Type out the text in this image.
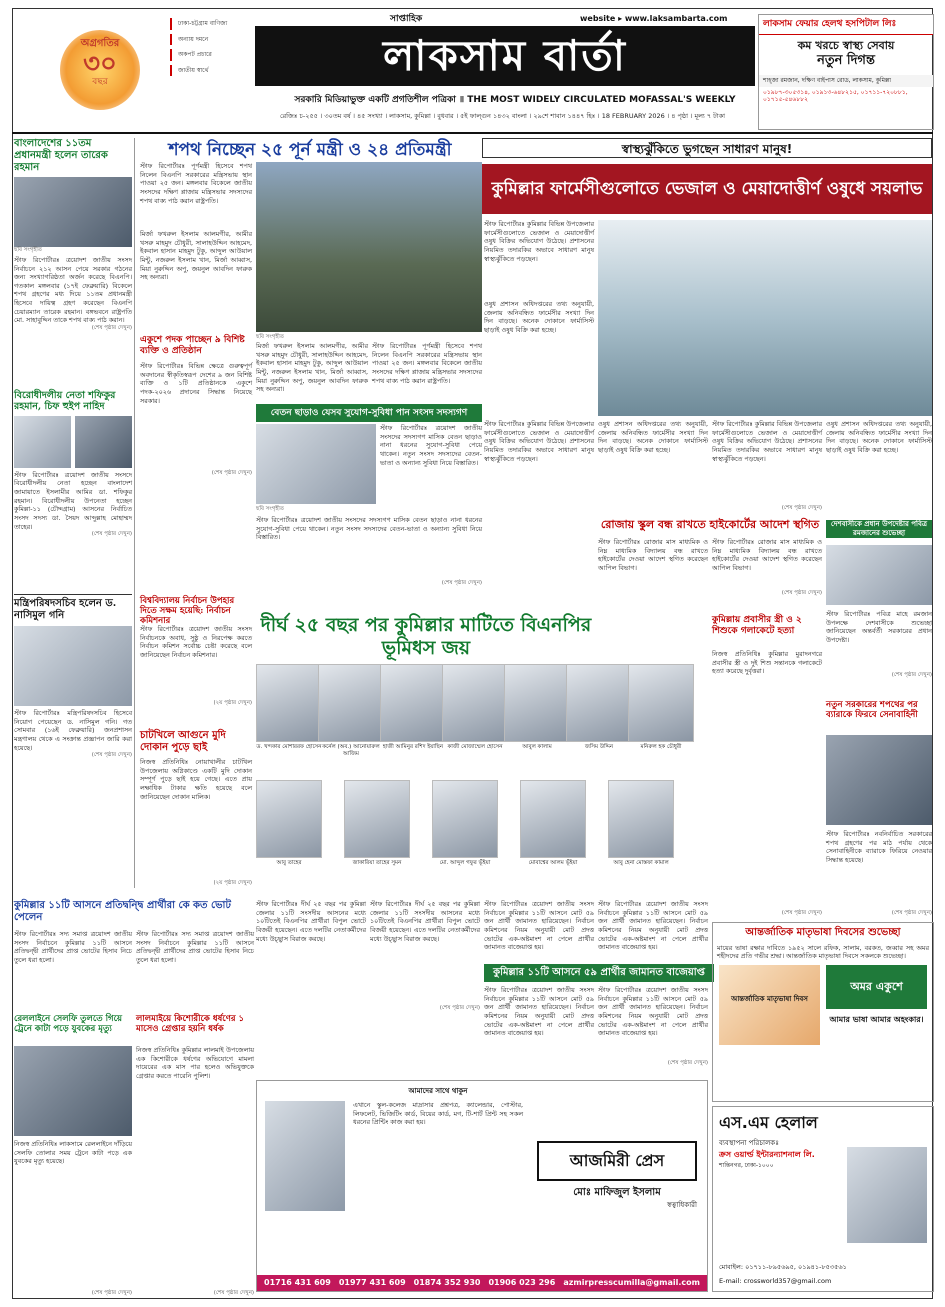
অগ্রগতির
৩০
বছর
ঢাকা-চট্টগ্রাম বাণিজ্য
অন্যায় দমনে
অকপট প্রচারে
জাতীয় স্বার্থে
সাপ্তাহিক	website ▸ www.laksambarta.com
লাকসাম বার্তা
সরকারি মিডিয়াভুক্ত একটি প্রগতিশীল পত্রিকা ॥ THE MOST WIDELY CIRCULATED MOFASSAL'S WEEKLY
রেজিঃ চ-২৫৫ । ৩০তম বর্ষ । ৪৫ সংখ্যা । লাকসাম, কুমিল্লা । বুধবার । ৫ই ফাল্গুন ১৪৩২ বাংলা । ২৯শে শাবান ১৪৪৭ হিঃ । 18 FEBRUARY 2026 । ৪ পৃষ্ঠা । মূল্য ৭ টাকা
লাকসাম ফেয়ার হেলথ হসপিটাল লিঃ
কম খরচে স্বাস্থ্য সেবায়
নতুন দিগন্ত
শাহ্জা রমজান, দক্ষিণ বাইপাস রোড, লাকসাম, কুমিল্লা
০১৯৮৭-৩০৫৩১৪, ০১৯১৩-৬৪৮২১৫, ০১৭১১-৭২০৮৮১, ০১৭১৫-৫৪৬৮৮২
বাংলাদেশের ১১তম প্রধানমন্ত্রী হলেন তারেক রহমান
ছবি সংগৃহীত
স্টাফ রিপোর্টারঃ ত্রয়োদশ জাতীয় সংসদ নির্বাচনে ২১২ আসন পেয়ে সরকার গঠনের জন্য সংখ্যাগরিষ্ঠতা অর্জন করেছে বিএনপি। গতকাল মঙ্গলবার (১৭ই ফেব্রুয়ারি) বিকেলে শপথ গ্রহণের মধ্য দিয়ে ১১তম প্রধানমন্ত্রী হিসেবে দায়িত্ব গ্রহণ করেছেন বিএনপি চেয়ারম্যান তারেক রহমান। বঙ্গভবনে রাষ্ট্রপতি মো. সাহাবুদ্দিন তাকে শপথ বাক্য পাঠ করান।
(শেষ পৃষ্ঠার দেখুন)
বিরোধীদলীয় নেতা শফিকুর রহমান, চিফ হুইপ নাহিদ
স্টাফ রিপোর্টারঃ ত্রয়োদশ জাতীয় সংসদে বিরোধীদলীয় নেতা হচ্ছেন বাংলাদেশ জামায়াতে ইসলামীর আমির ডা. শফিকুর রহমান। বিরোধীদলীয় উপনেতা হচ্ছেন কুমিল্লা-১১ (চৌদ্দগ্রাম) আসনের নির্বাচিত সংসদ সদস্য ডা. সৈয়দ আব্দুল্লাহ মোহাম্মদ তাহের।
(শেষ পৃষ্ঠার দেখুন)
মন্ত্রিপরিষদসচিব হলেন ড. নাসিমুল গনি
স্টাফ রিপোর্টারঃ মন্ত্রিপরিষদসচিব হিসেবে নিয়োগ পেয়েছেন ড. নাসিমুল গনি। গত সোমবার (১৬ই ফেব্রুয়ারি) জনপ্রশাসন মন্ত্রণালয় থেকে এ সংক্রান্ত প্রজ্ঞাপন জারি করা হয়েছে।
(শেষ পৃষ্ঠার দেখুন)
কুমিল্লার ১১টি আসনে প্রতিদ্বন্দ্বি প্রার্থীরা কে কত ভোট পেলেন
স্টাফ রিপোর্টারঃ সদ্য সমাপ্ত ত্রয়োদশ জাতীয় সংসদ নির্বাচনে কুমিল্লার ১১টি আসনে প্রতিদ্বন্দ্বী প্রার্থীদের প্রাপ্ত ভোটের হিসাব নিচে তুলে ধরা হলো।
স্টাফ রিপোর্টারঃ সদ্য সমাপ্ত ত্রয়োদশ জাতীয় সংসদ নির্বাচনে কুমিল্লার ১১টি আসনে প্রতিদ্বন্দ্বী প্রার্থীদের প্রাপ্ত ভোটের হিসাব নিচে তুলে ধরা হলো।
রেললাইনে সেলফি তুলতে গিয়ে ট্রেনে কাটা পড়ে যুবকের মৃত্যু
নিজস্ব প্রতিনিধিঃ লাকসামে রেললাইনে দাঁড়িয়ে সেলফি তোলার সময় ট্রেনে কাটা পড়ে এক যুবকের মৃত্যু হয়েছে।
(শেষ পৃষ্ঠার দেখুন)
শপথ নিচ্ছেন ২৫ পূর্ন মন্ত্রী ও ২৪ প্রতিমন্ত্রী
স্টাফ রিপোর্টারঃ পূর্ণমন্ত্রী হিসেবে শপথ নিলেন বিএনপি সরকারের মন্ত্রিসভায় স্থান পাওয়া ২৫ জন। মঙ্গলবার বিকেলে জাতীয় সংসদের দক্ষিণ প্লাজায় মন্ত্রিসভার সদস্যদের শপথ বাক্য পাঠ করান রাষ্ট্রপতি।
মির্জা ফখরুল ইসলাম আলমগীর, আমীর খসরু মাহমুদ চৌধুরী, সালাহউদ্দিন আহমেদ, ইকবাল হাসান মাহমুদ টুকু, আব্দুল আউয়াল মিন্টু, নজরুল ইসলাম খান, মির্জা আব্বাস, মিয়া নুরুদ্দিন অপু, জয়নুল আবদিন ফারুক সহ অন্যরা।
ছবি সংগৃহীত
মির্জা ফখরুল ইসলাম আলমগীর, আমীর খসরু মাহমুদ চৌধুরী, সালাহউদ্দিন আহমেদ, ইকবাল হাসান মাহমুদ টুকু, আব্দুল আউয়াল মিন্টু, নজরুল ইসলাম খান, মির্জা আব্বাস, মিয়া নুরুদ্দিন অপু, জয়নুল আবদিন ফারুক সহ অন্যরা।
স্টাফ রিপোর্টারঃ পূর্ণমন্ত্রী হিসেবে শপথ নিলেন বিএনপি সরকারের মন্ত্রিসভায় স্থান পাওয়া ২৫ জন। মঙ্গলবার বিকেলে জাতীয় সংসদের দক্ষিণ প্লাজায় মন্ত্রিসভার সদস্যদের শপথ বাক্য পাঠ করান রাষ্ট্রপতি।
একুশে পদক পাচ্ছেন ৯ বিশিষ্ট ব্যক্তি ও প্রতিষ্ঠান
স্টাফ রিপোর্টারঃ বিভিন্ন ক্ষেত্রে গুরুত্বপূর্ণ অবদানের স্বীকৃতিস্বরূপ দেশের ৯ জন বিশিষ্ট ব্যক্তি ও ১টি প্রতিষ্ঠানকে একুশে পদক-২০২৬ প্রদানের সিদ্ধান্ত নিয়েছে সরকার।
(শেষ পৃষ্ঠার দেখুন)
বেতন ছাড়াও যেসব সুযোগ-সুবিধা পান সংসদ সদস্যগণ
ছবি সংগৃহীত
স্টাফ রিপোর্টারঃ ত্রয়োদশ জাতীয় সংসদের সদস্যগণ মাসিক বেতন ছাড়াও নানা ধরনের সুযোগ-সুবিধা পেয়ে থাকেন। নতুন সংসদ সদস্যদের বেতন-ভাতা ও অন্যান্য সুবিধা নিয়ে বিস্তারিত।
স্টাফ রিপোর্টারঃ ত্রয়োদশ জাতীয় সংসদের সদস্যগণ মাসিক বেতন ছাড়াও নানা ধরনের সুযোগ-সুবিধা পেয়ে থাকেন। নতুন সংসদ সদস্যদের বেতন-ভাতা ও অন্যান্য সুবিধা নিয়ে বিস্তারিত।
(শেষ পৃষ্ঠার দেখুন)
বিশ্ববিদ্যালয় নির্বাচন উপহার দিতে সক্ষম হয়েছি: নির্বাচন কমিশনার
স্টাফ রিপোর্টারঃ ত্রয়োদশ জাতীয় সংসদ নির্বাচনকে অবাধ, সুষ্ঠু ও নিরপেক্ষ করতে নির্বাচন কমিশন সর্বোচ্চ চেষ্টা করেছে বলে জানিয়েছেন নির্বাচন কমিশনার।
(২য় পৃষ্ঠার দেখুন)
চাটখিলে আগুনে মুদি দোকান পুড়ে ছাই
নিজস্ব প্রতিনিধিঃ নোয়াখালীর চাটখিল উপজেলায় অগ্নিকাণ্ডে একটি মুদি দোকান সম্পূর্ণ পুড়ে ছাই হয়ে গেছে। এতে প্রায় লক্ষাধিক টাকার ক্ষতি হয়েছে বলে জানিয়েছেন দোকান মালিক।
(২য় পৃষ্ঠার দেখুন)
স্বাস্থ্যঝুঁকিতে ভুগছেন সাধারণ মানুষ!
কুমিল্লার ফার্মেসীগুলোতে ভেজাল ও মেয়াদোত্তীর্ণ ওষুধে সয়লাভ
স্টাফ রিপোর্টারঃ কুমিল্লার বিভিন্ন উপজেলার ফার্মেসীগুলোতে ভেজাল ও মেয়াদোত্তীর্ণ ওষুধ বিক্রির অভিযোগ উঠেছে। প্রশাসনের নিয়মিত তদারকির অভাবে সাধারণ মানুষ স্বাস্থ্যঝুঁকিতে পড়ছেন।
ওষুধ প্রশাসন অধিদপ্তরের তথ্য অনুযায়ী, জেলায় অনিবন্ধিত ফার্মেসীর সংখ্যা দিন দিন বাড়ছে। অনেক দোকানে ফার্মাসিস্ট ছাড়াই ওষুধ বিক্রি করা হচ্ছে।
স্টাফ রিপোর্টারঃ কুমিল্লার বিভিন্ন উপজেলার ফার্মেসীগুলোতে ভেজাল ও মেয়াদোত্তীর্ণ ওষুধ বিক্রির অভিযোগ উঠেছে। প্রশাসনের নিয়মিত তদারকির অভাবে সাধারণ মানুষ স্বাস্থ্যঝুঁকিতে পড়ছেন।
ওষুধ প্রশাসন অধিদপ্তরের তথ্য অনুযায়ী, জেলায় অনিবন্ধিত ফার্মেসীর সংখ্যা দিন দিন বাড়ছে। অনেক দোকানে ফার্মাসিস্ট ছাড়াই ওষুধ বিক্রি করা হচ্ছে।
স্টাফ রিপোর্টারঃ কুমিল্লার বিভিন্ন উপজেলার ফার্মেসীগুলোতে ভেজাল ও মেয়াদোত্তীর্ণ ওষুধ বিক্রির অভিযোগ উঠেছে। প্রশাসনের নিয়মিত তদারকির অভাবে সাধারণ মানুষ স্বাস্থ্যঝুঁকিতে পড়ছেন।
(শেষ পৃষ্ঠার দেখুন)
রোজায় স্কুল বন্ধ রাখতে হাইকোর্টের আদেশ স্থগিত
স্টাফ রিপোর্টারঃ রোজার মাস মাধ্যমিক ও নিম্ন মাধ্যমিক বিদ্যালয় বন্ধ রাখতে হাইকোর্টের দেওয়া আদেশ স্থগিত করেছেন আপিল বিভাগ।
স্টাফ রিপোর্টারঃ রোজার মাস মাধ্যমিক ও নিম্ন মাধ্যমিক বিদ্যালয় বন্ধ রাখতে হাইকোর্টের দেওয়া আদেশ স্থগিত করেছেন আপিল বিভাগ।
(শেষ পৃষ্ঠার দেখুন)
ওষুধ প্রশাসন অধিদপ্তরের তথ্য অনুযায়ী, জেলায় অনিবন্ধিত ফার্মেসীর সংখ্যা দিন দিন বাড়ছে। অনেক দোকানে ফার্মাসিস্ট ছাড়াই ওষুধ বিক্রি করা হচ্ছে।
দেশবাসীকে প্রধান উপদেষ্টার পবিত্র রমজানের শুভেচ্ছা
স্টাফ রিপোর্টারঃ পবিত্র মাহে রমজান উপলক্ষে দেশবাসীকে শুভেচ্ছা জানিয়েছেন অন্তর্বর্তী সরকারের প্রধান উপদেষ্টা।
(শেষ পৃষ্ঠার দেখুন)
দীর্ঘ ২৫ বছর পর কুমিল্লার মাটিতে বিএনপির ভূমিধস জয়
ড. খন্দকার মোশাররফ হোসেন কর্নেল (অব.) আনোয়ারুল আজিম
হাজী আমিনুর রশিদ ইয়াছিন কাজী মোজাম্মেল হোসেন	আবুল কালাম	জসিম উদ্দিন	মনিরুল হক চৌধুরী
আবু তাহের	জাকারিয়া তাহের সুমন	মো. আব্দুল গফুর ভূঁইয়া	মোবাশ্বের আলম ভূঁইয়া	আবু হেনা মোস্তফা কামাল
স্টাফ রিপোর্টারঃ দীর্ঘ ২৫ বছর পর কুমিল্লা জেলার ১১টি সংসদীয় আসনের মধ্যে ১০টিতেই বিএনপির প্রার্থীরা বিপুল ভোটে বিজয়ী হয়েছেন। এতে দলটির নেতাকর্মীদের মধ্যে উচ্ছ্বাস বিরাজ করছে।
স্টাফ রিপোর্টারঃ দীর্ঘ ২৫ বছর পর কুমিল্লা জেলার ১১টি সংসদীয় আসনের মধ্যে ১০টিতেই বিএনপির প্রার্থীরা বিপুল ভোটে বিজয়ী হয়েছেন। এতে দলটির নেতাকর্মীদের মধ্যে উচ্ছ্বাস বিরাজ করছে।
(শেষ পৃষ্ঠার দেখুন)
কুমিল্লার ১১টি আসনে ৫৯ প্রার্থীর জামানত বাজেয়াপ্ত
স্টাফ রিপোর্টারঃ ত্রয়োদশ জাতীয় সংসদ নির্বাচনে কুমিল্লার ১১টি আসনে মোট ৫৯ জন প্রার্থী জামানত হারিয়েছেন। নির্বাচন কমিশনের নিয়ম অনুযায়ী মোট প্রদত্ত ভোটের এক-অষ্টমাংশ না পেলে প্রার্থীর জামানত বাজেয়াপ্ত হয়।
স্টাফ রিপোর্টারঃ ত্রয়োদশ জাতীয় সংসদ নির্বাচনে কুমিল্লার ১১টি আসনে মোট ৫৯ জন প্রার্থী জামানত হারিয়েছেন। নির্বাচন কমিশনের নিয়ম অনুযায়ী মোট প্রদত্ত ভোটের এক-অষ্টমাংশ না পেলে প্রার্থীর জামানত বাজেয়াপ্ত হয়।
স্টাফ রিপোর্টারঃ ত্রয়োদশ জাতীয় সংসদ নির্বাচনে কুমিল্লার ১১টি আসনে মোট ৫৯ জন প্রার্থী জামানত হারিয়েছেন। নির্বাচন কমিশনের নিয়ম অনুযায়ী মোট প্রদত্ত ভোটের এক-অষ্টমাংশ না পেলে প্রার্থীর জামানত বাজেয়াপ্ত হয়।
স্টাফ রিপোর্টারঃ ত্রয়োদশ জাতীয় সংসদ নির্বাচনে কুমিল্লার ১১টি আসনে মোট ৫৯ জন প্রার্থী জামানত হারিয়েছেন। নির্বাচন কমিশনের নিয়ম অনুযায়ী মোট প্রদত্ত ভোটের এক-অষ্টমাংশ না পেলে প্রার্থীর জামানত বাজেয়াপ্ত হয়।
(শেষ পৃষ্ঠার দেখুন)
কুমিল্লায় প্রবাসীর স্ত্রী ও ২ শিশুকে গলাকেটে হত্যা
নিজস্ব প্রতিনিধিঃ কুমিল্লার মুরাদনগরে প্রবাসীর স্ত্রী ও দুই শিশু সন্তানকে গলাকেটে হত্যা করেছে দুর্বৃত্তরা।
(শেষ পৃষ্ঠার দেখুন)
নতুন সরকারের শপথের পর ব্যারাকে ফিরবে সেনাবাহিনী
স্টাফ রিপোর্টারঃ নবনির্বাচিত সরকারের শপথ গ্রহণের পর মাঠ পর্যায় থেকে সেনাবাহিনীকে ব্যারাকে ফিরিয়ে নেওয়ার সিদ্ধান্ত হয়েছে।
(শেষ পৃষ্ঠার দেখুন)
আন্তর্জাতিক মাতৃভাষা দিবসের শুভেচ্ছা
মায়ের ভাষা রক্ষার দাবিতে ১৯৫২ সালে রফিক, সালাম, বরকত, জব্বার সহ অমর শহীদদের প্রতি গভীর শ্রদ্ধা। আন্তর্জাতিক মাতৃভাষা দিবসে সকলকে শুভেচ্ছা।
আন্তর্জাতিক মাতৃভাষা দিবস
অমর একুশে
আমার ভাষা আমার অহংকার।
লালমাইয়ে কিশোরীকে ধর্ষণের ১ মাসেও গ্রেপ্তার হয়নি ধর্ষক
নিজস্ব প্রতিনিধিঃ কুমিল্লার লালমাই উপজেলায় এক কিশোরীকে ধর্ষণের অভিযোগে মামলা দায়েরের এক মাস পার হলেও অভিযুক্তকে গ্রেপ্তার করতে পারেনি পুলিশ।
(শেষ পৃষ্ঠার দেখুন)
আমাদের সাথে থাকুন
এখানে স্কুল-কলেজ মাদ্রাসার প্রশ্নপত্র, ক্যালেন্ডার, পোস্টার, লিফলেট, ভিজিটিং কার্ড, বিয়ের কার্ড, মগ, টি-শার্ট প্রিন্ট সহ সকল ধরনের প্রিন্টিং কাজ করা হয়।
আজমিরী প্রেস
মোঃ মাফিজুল ইসলাম
স্বত্বাধিকারী
01716 431 609 01977 431 609 01874 352 930 01906 023 296 azmirpresscumilla@gmail.com
এস.এম হেলাল
ব্যবস্থাপনা পরিচালকঃ
ক্রস ওয়ার্ল্ড ইন্টারন্যাশনাল লি.
শান্তিনগর, ঢাকা-১০০০
মোবাইল: ০১৭১১-৮৯৫৬৯৫, ০১৯৪১-৮৫৩৫৬১
E-mail: crossworld357@gmail.com
